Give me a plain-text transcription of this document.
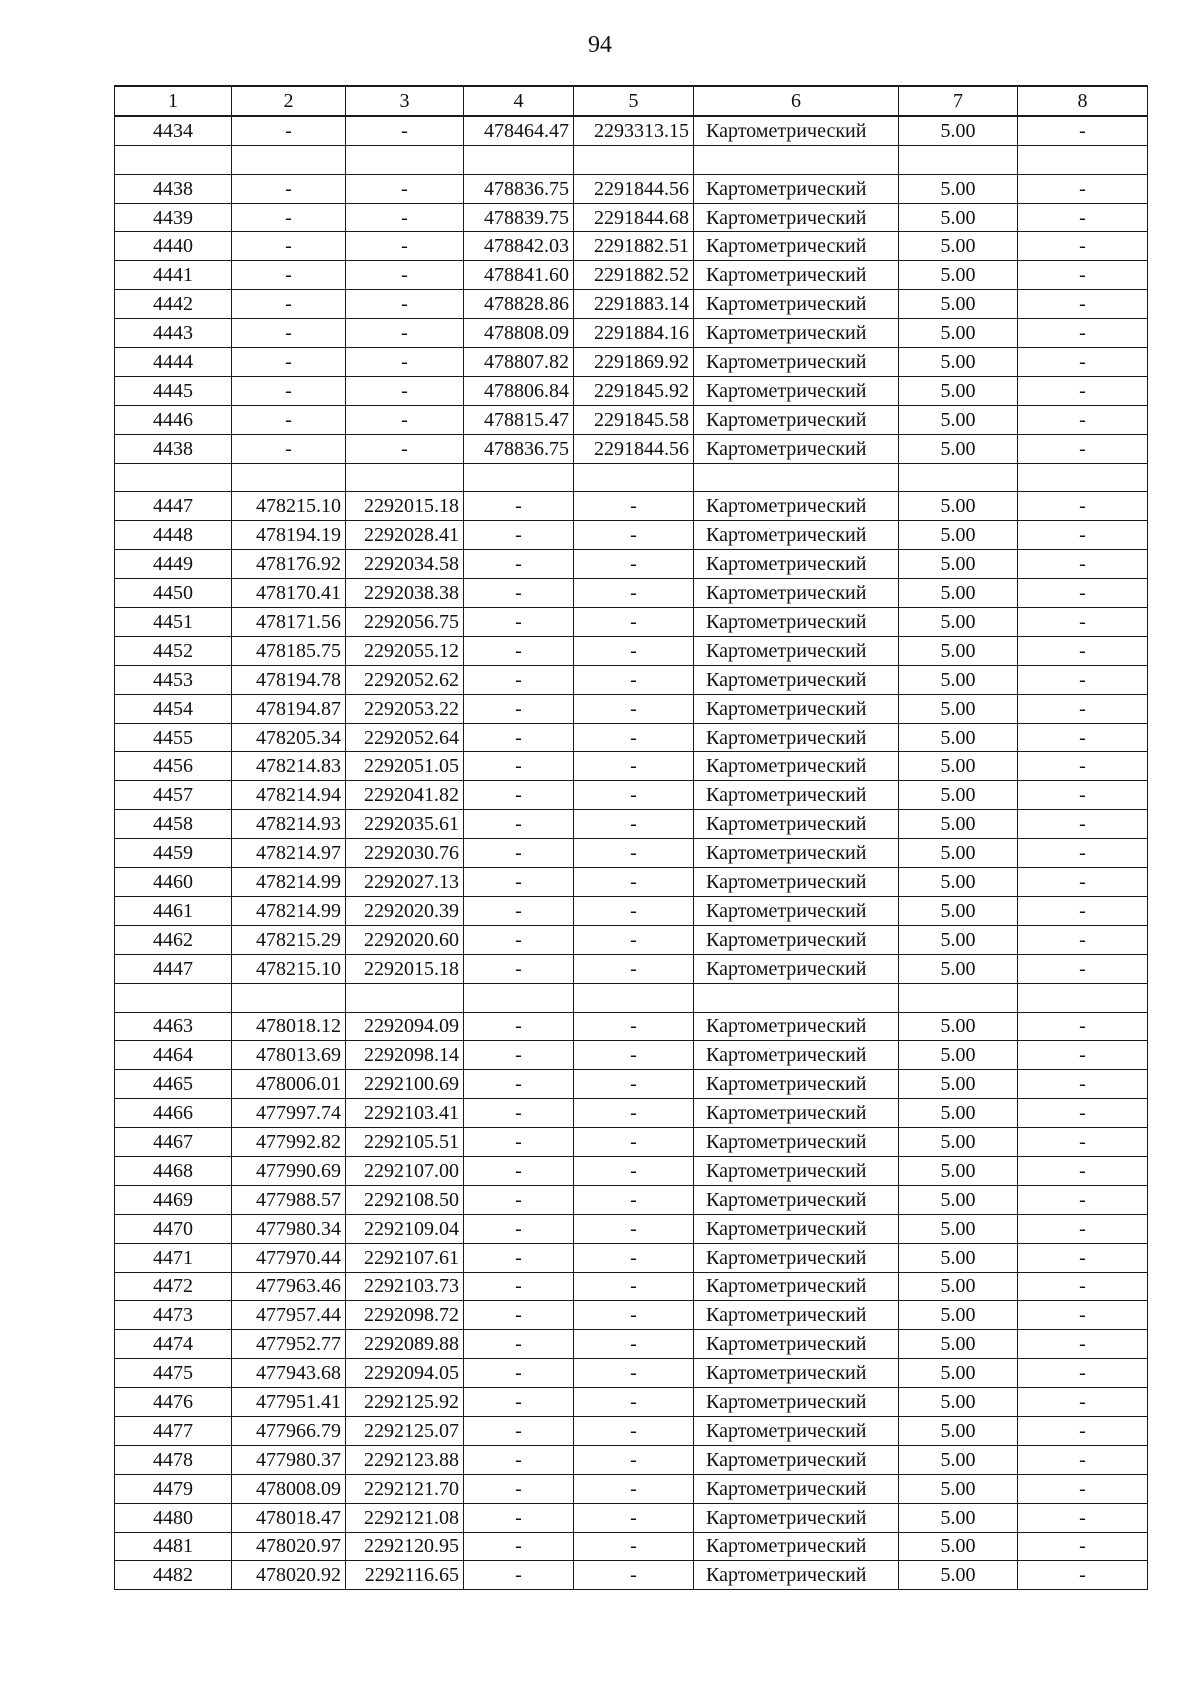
94
1	2	3	4	5	6	7	8
4434	-	-	478464.47	2293313.15	Картометрический	5.00	-

4438	-	-	478836.75	2291844.56	Картометрический	5.00	-
4439	-	-	478839.75	2291844.68	Картометрический	5.00	-
4440	-	-	478842.03	2291882.51	Картометрический	5.00	-
4441	-	-	478841.60	2291882.52	Картометрический	5.00	-
4442	-	-	478828.86	2291883.14	Картометрический	5.00	-
4443	-	-	478808.09	2291884.16	Картометрический	5.00	-
4444	-	-	478807.82	2291869.92	Картометрический	5.00	-
4445	-	-	478806.84	2291845.92	Картометрический	5.00	-
4446	-	-	478815.47	2291845.58	Картометрический	5.00	-
4438	-	-	478836.75	2291844.56	Картометрический	5.00	-

4447	478215.10	2292015.18	-	-	Картометрический	5.00	-
4448	478194.19	2292028.41	-	-	Картометрический	5.00	-
4449	478176.92	2292034.58	-	-	Картометрический	5.00	-
4450	478170.41	2292038.38	-	-	Картометрический	5.00	-
4451	478171.56	2292056.75	-	-	Картометрический	5.00	-
4452	478185.75	2292055.12	-	-	Картометрический	5.00	-
4453	478194.78	2292052.62	-	-	Картометрический	5.00	-
4454	478194.87	2292053.22	-	-	Картометрический	5.00	-
4455	478205.34	2292052.64	-	-	Картометрический	5.00	-
4456	478214.83	2292051.05	-	-	Картометрический	5.00	-
4457	478214.94	2292041.82	-	-	Картометрический	5.00	-
4458	478214.93	2292035.61	-	-	Картометрический	5.00	-
4459	478214.97	2292030.76	-	-	Картометрический	5.00	-
4460	478214.99	2292027.13	-	-	Картометрический	5.00	-
4461	478214.99	2292020.39	-	-	Картометрический	5.00	-
4462	478215.29	2292020.60	-	-	Картометрический	5.00	-
4447	478215.10	2292015.18	-	-	Картометрический	5.00	-

4463	478018.12	2292094.09	-	-	Картометрический	5.00	-
4464	478013.69	2292098.14	-	-	Картометрический	5.00	-
4465	478006.01	2292100.69	-	-	Картометрический	5.00	-
4466	477997.74	2292103.41	-	-	Картометрический	5.00	-
4467	477992.82	2292105.51	-	-	Картометрический	5.00	-
4468	477990.69	2292107.00	-	-	Картометрический	5.00	-
4469	477988.57	2292108.50	-	-	Картометрический	5.00	-
4470	477980.34	2292109.04	-	-	Картометрический	5.00	-
4471	477970.44	2292107.61	-	-	Картометрический	5.00	-
4472	477963.46	2292103.73	-	-	Картометрический	5.00	-
4473	477957.44	2292098.72	-	-	Картометрический	5.00	-
4474	477952.77	2292089.88	-	-	Картометрический	5.00	-
4475	477943.68	2292094.05	-	-	Картометрический	5.00	-
4476	477951.41	2292125.92	-	-	Картометрический	5.00	-
4477	477966.79	2292125.07	-	-	Картометрический	5.00	-
4478	477980.37	2292123.88	-	-	Картометрический	5.00	-
4479	478008.09	2292121.70	-	-	Картометрический	5.00	-
4480	478018.47	2292121.08	-	-	Картометрический	5.00	-
4481	478020.97	2292120.95	-	-	Картометрический	5.00	-
4482	478020.92	2292116.65	-	-	Картометрический	5.00	-
